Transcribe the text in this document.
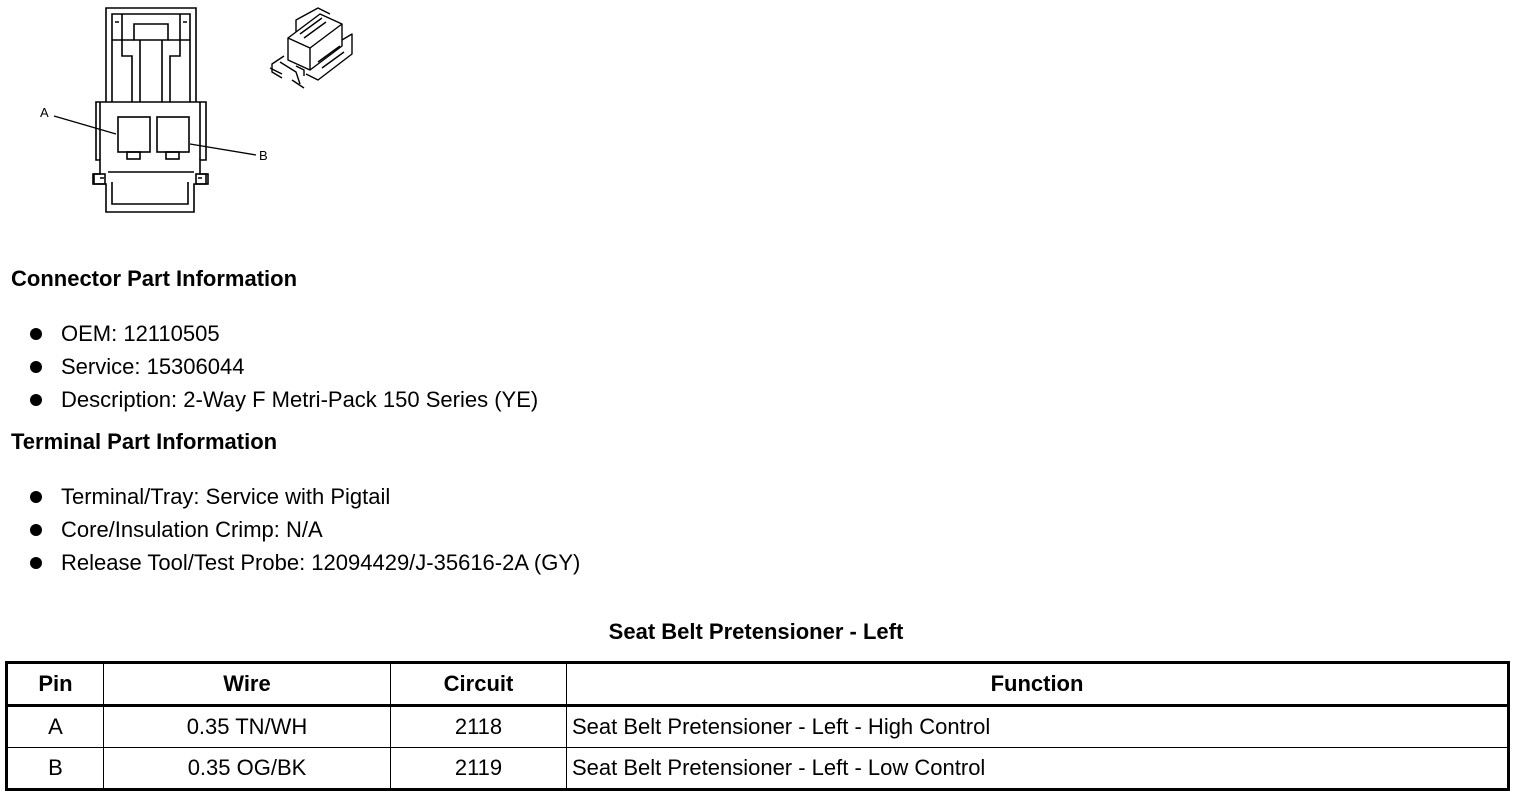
A
B
Connector Part Information
OEM: 12110505
Service: 15306044
Description: 2-Way F Metri-Pack 150 Series (YE)
Terminal Part Information
Terminal/Tray: Service with Pigtail
Core/Insulation Crimp: N/A
Release Tool/Test Probe: 12094429/J-35616-2A (GY)
Seat Belt Pretensioner - Left
Pin	Wire	Circuit	Function
A	0.35 TN/WH	2118	Seat Belt Pretensioner - Left - High Control
B	0.35 OG/BK	2119	Seat Belt Pretensioner - Left - Low Control
